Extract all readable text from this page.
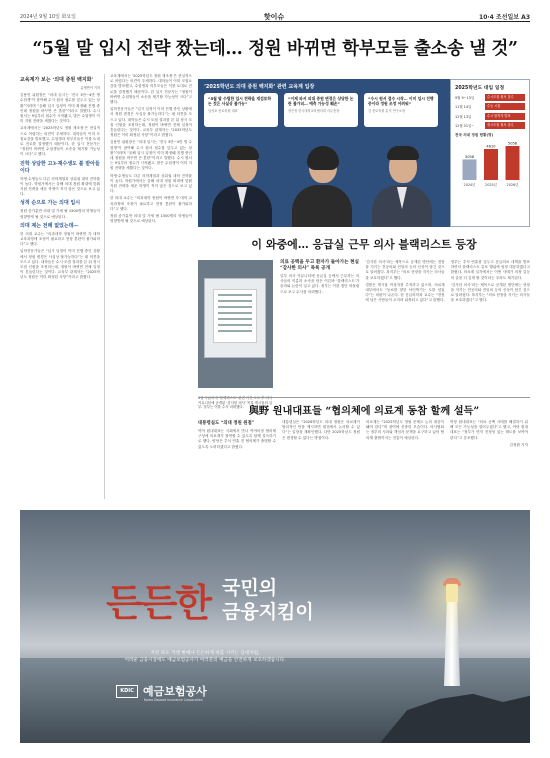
2024년 9월 10일 화요일	핫이슈	10·4 조선일보 A3
“5월 말 입시 전략 짰는데… 정원 바뀌면 학부모들 출소송 낼 것”
교육계가 보는 ‘의대 증원 백지화’
유생연이 기자
김용민 위원장은 “의대 입시는 ‘전국 3만~4만 명 수험생’이 참여해 수시 원서 접수를 앞두고 있는 상황”이라며 “올해 입시 일정이 이미 확정돼 진행 중인데 정원을 바꾸면 큰 혼란”이라고 말했다. 수시 원서는 9일부터 접수가 시작됐고, 많은 수험생이 이미 지원 전략을 세웠다는 것이다.
교육계에서는 ‘2025학년도 정원 재조정’은 현실적으로 어렵다는 의견이 우세하다. 대학들이 이미 모집요강을 발표했고, 수험생과 학부모들은 이를 토대로 진로를 결정했기 때문이다. 한 입시 전문가는 “정원이 바뀌면 수험생들이 소송을 제기할 가능성이 크다”고 했다.
진학 상담한 고3·재수생도 불 받아들이다
학생·수생들도 다른 의학계열과 상위권 대학 진학률이 높다. 학원가에서는 올해 의대 정원 확대에 맞춰 지원 전략을 세운 학생이 적지 않은 것으로 보고 있다.
성적 순으로 가는 의대 입시
정원 증가분만 의대 및 가세 될 1500명의 학생들이 영향받게 될 것으로 예상된다.
의대 제는 전례 없었는데—
한 의대 교수는 “의과대학 정원이 바뀌면 각 대학 교육과정에 조정이 필요하고 현장 혼란이 불가피하다”고 했다.
입학전문가들은 “입시 일정이 이미 진행 중인 상황에서 정원 변경은 사실상 불가능하다”는 데 의견을 모으고 있다. 대학들은 수시 모집 결과를 본 뒤 정시 모집 인원을 조정하는데, 정원이 바뀌면 전체 일정이 흔들린다는 것이다. 교육부 관계자는 “2025학년도 정원은 이미 확정된 사항”이라고 밝혔다.
교육계에서는 ‘2025학년도 정원 재조정’은 현실적으로 어렵다는 의견이 우세하다. 대학들이 이미 모집요강을 발표했고, 수험생과 학부모들은 이를 토대로 진로를 결정했기 때문이다. 한 입시 전문가는 “정원이 바뀌면 수험생들이 소송을 제기할 가능성이 크다”고 했다.
입학전문가들은 “입시 일정이 이미 진행 중인 상황에서 정원 변경은 사실상 불가능하다”는 데 의견을 모으고 있다. 대학들은 수시 모집 결과를 본 뒤 정시 모집 인원을 조정하는데, 정원이 바뀌면 전체 일정이 흔들린다는 것이다. 교육부 관계자는 “2025학년도 정원은 이미 확정된 사항”이라고 밝혔다.
김용민 위원장은 “의대 입시는 ‘전국 3만~4만 명 수험생’이 참여해 수시 원서 접수를 앞두고 있는 상황”이라며 “올해 입시 일정이 이미 확정돼 진행 중인데 정원을 바꾸면 큰 혼란”이라고 말했다. 수시 원서는 9일부터 접수가 시작됐고, 많은 수험생이 이미 지원 전략을 세웠다는 것이다.
학생·수생들도 다른 의학계열과 상위권 대학 진학률이 높다. 학원가에서는 올해 의대 정원 확대에 맞춰 지원 전략을 세운 학생이 적지 않은 것으로 보고 있다.
한 의대 교수는 “의과대학 정원이 바뀌면 각 대학 교육과정에 조정이 필요하고 현장 혼란이 불가피하다”고 했다.
정원 증가분만 의대 및 가세 될 1500명의 학생들이 영향받게 될 것으로 예상된다.
‘2025학년도 의대 증원 백지화’ 관련 교육계 입장
“5월 말 수립한 입시 전략을 재검토하는 것은 사실상 불가능”
임성호 종로학원 대표
“이제 와서 의대 증원 변경은 상당한 논란 불가피… 예측 가능성 훼손”
정은정 한국대학교육협의회 사무총장
“수시 원서 접수 시작… 이미 입시 진행 중이라 정원 조정 어려워”
김 종로학원 분석 연구소장
2025학년도 대입 일정
9월 9~13일	수시모집 원서 접수
11월 14일	수능 시험
12월 13일	수시 합격자 발표
12월 31일~	정시모집 원서 접수
전국 의대 정원 현황(명)
3058
2024년
4610
2025년
5058
2026년
이 와중에… 응급실 근무 의사 블랙리스트 등장
1일 구급차에 ‘블랙리스트’ 관련 사진 보도 후 의사 커뮤니티에 공개된 ‘감사한 의사’ 목록 게시물의 일부. 정부는 이를 수사 의뢰했다.
의료 공백을 두고 환자가 돌아가는 현실 “감사한 의사” 목록 공개
일부 의사 커뮤니티에 응급실 등에서 근무하는 의사들의 이름과 소속을 담은 이른바 ‘블랙리스트’가 올라와 논란이 일고 있다. 정부는 이를 집단 따돌림으로 보고 수사를 의뢰했다.
‘감사한 의사’라는 제목으로 공개된 명단에는 현장을 지키는 전공의와 전임의 등의 신상이 담긴 것으로 알려졌다. 복지부는 “의료 현장을 지키는 의사들을 보호하겠다”고 했다.
경찰은 게시물 작성자를 추적하고 있으며, 의료계 내부에서도 “동료를 향한 낙인찍기는 도를 넘었다”는 비판이 나온다. 한 응급의학과 교수는 “현장에 남은 사람들이 오히려 위축되고 있다”고 말했다.
정부는 추석 연휴를 앞두고 응급의료 대책을 발표하면서 블랙리스트 유포 행위에 엄정 대응하겠다고 밝혔다. 의료계 일각에서는 이번 사태가 의정 갈등의 골을 더 깊게 할 것이라는 우려도 제기된다.
‘감사한 의사’라는 제목으로 공개된 명단에는 현장을 지키는 전공의와 전임의 등의 신상이 담긴 것으로 알려졌다. 복지부는 “의료 현장을 지키는 의사들을 보호하겠다”고 했다.
與野 원내대표들 “협의체에 의료계 동참 할께 설득”
대통령실도 “의대 정원 원점”
여야 원내대표는 국회에서 만나 여야의정 협의체 구성에 의료계가 참여할 수 있도록 함께 설득하기로 했다. 양당은 추석 연휴 전 협의체가 출범할 수 있도록 노력하겠다고 밝혔다.
대통령실은 “2026학년도 의대 정원은 의료계가 합리적인 안을 제시하면 원점에서 논의할 수 있다”는 입장을 재확인했다. 다만 2025학년도 정원은 변경할 수 없다는 방침이다.
의료계는 “2025학년도 정원 문제도 논의 대상이 돼야 한다”며 참여에 신중한 모습이다. 의사협회는 정부의 사과와 책임자 문책을 요구하고 있어 협의체 출범까지는 진통이 예상된다.
여당 원내대표는 “의료 공백 사태를 해결하기 위해 모든 가능성을 열어두겠다”고 했고, 야당 원내대표는 “정부가 먼저 진정성 있는 태도를 보여야 한다”고 강조했다.
김정환 기자
든든한 국민의
금융지킴이
지친 파도 거센 변에나 든든하게 바를 시키는 등대처럼,
어려운 금융시장에도 예금보험공사가 여러분의 예금을 안전하게 보호하겠습니다.
KDIC 예금보험공사
Korea Deposit Insurance Corporation
